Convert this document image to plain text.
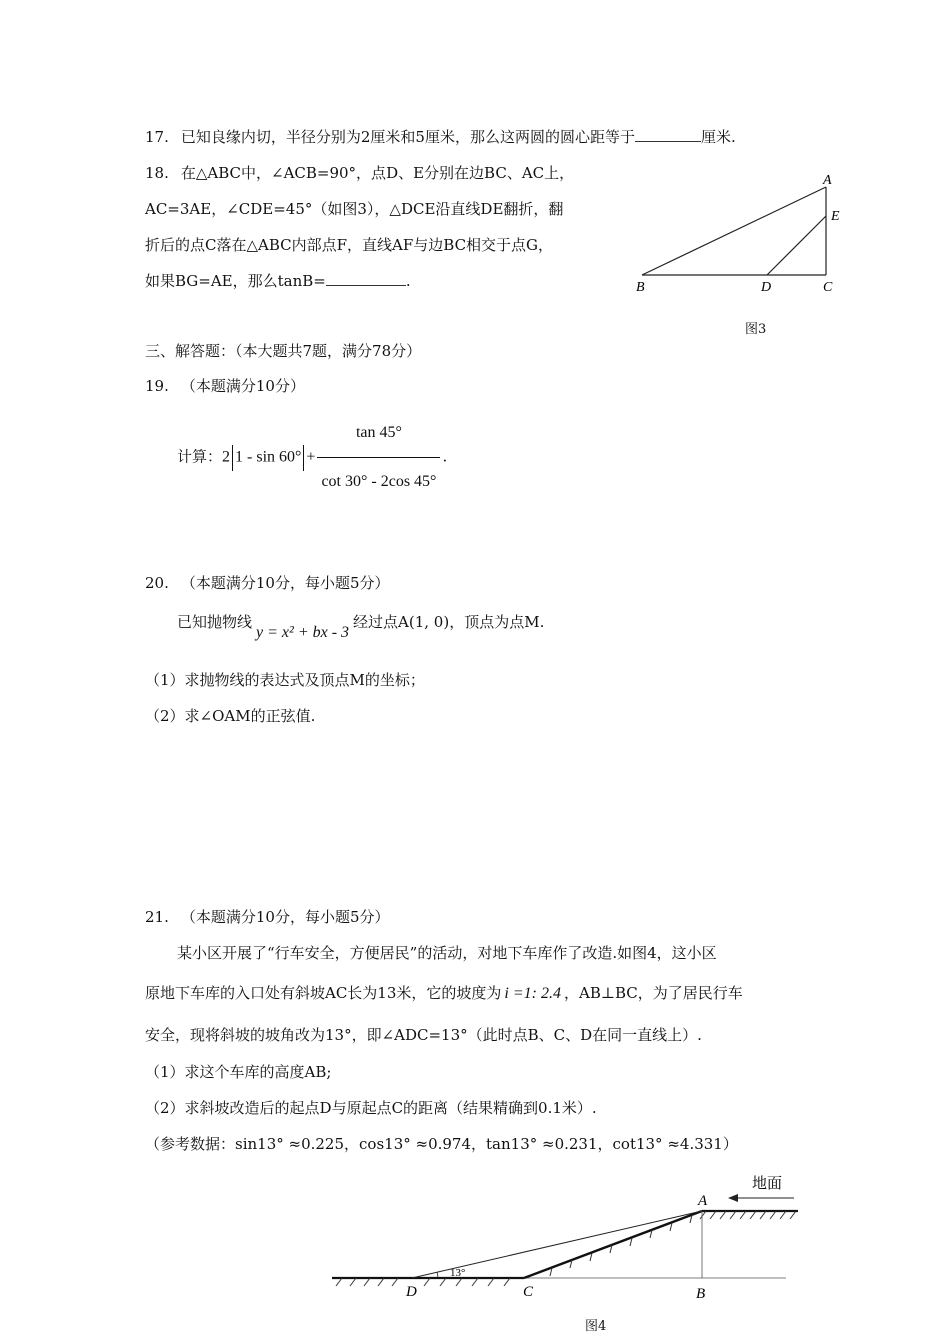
17. 已知良缘内切，半径分别为2厘米和5厘米，那么这两圆的圆心距等于	厘米.
18. 在△ABC中，∠ACB=90°，点D、E分别在边BC、AC上，
AC=3AE，∠CDE=45°（如图3），△DCE沿直线DE翻折，翻
折后的点C落在△ABC内部点F，直线AF与边BC相交于点G，
如果BG=AE，那么tanB=	.
A
E
B	D	C
图3
三、解答题：（本大题共7题，满分78分）
19. （本题满分10分）
计算：2 $1 - \sin 60^\circ + \frac{\tan 45^\circ}{\cot 30^\circ - 2\cos 45^\circ}$ .
20. （本题满分10分，每小题5分）
已知抛物线y = x² + bx - 3经过点A(1, 0)，顶点为点M.
（1）求抛物线的表达式及顶点M的坐标；
（2）求∠OAM的正弦值.
21. （本题满分10分，每小题5分）
某小区开展了“行车安全，方便居民”的活动，对地下车库作了改造.如图4，这小区
原地下车库的入口处有斜坡AC长为13米，它的坡度为 i =1: 2.4 ，AB⊥BC，为了居民行车
安全，现将斜坡的坡角改为13°，即∠ADC=13°（此时点B、C、D在同一直线上）.
（1）求这个车库的高度AB;
（2）求斜坡改造后的起点D与原起点C的距离（结果精确到0.1米）.
（参考数据：sin13° ≈0.225，cos13° ≈0.974，tan13° ≈0.231，cot13° ≈4.331）
地面
13°
A
D	C	B
图4
